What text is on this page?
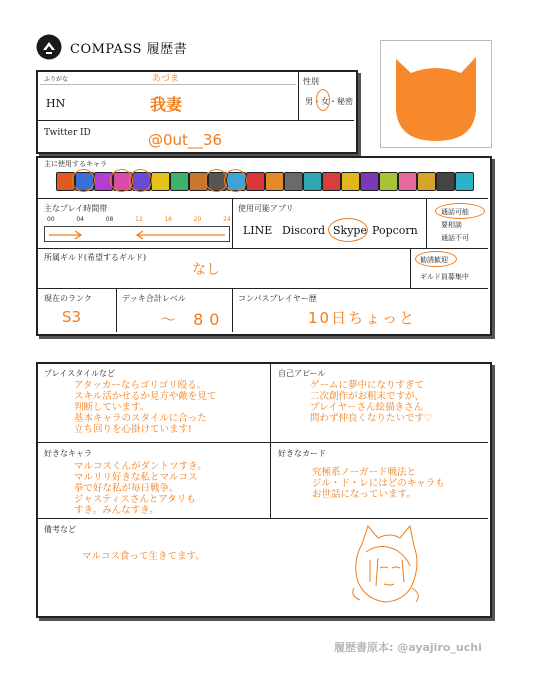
COMPASS 履歴書
ふりがな	あづま
HN	我妻
性別
男・女・秘密
Twitter ID	@0ut__36
主に使用するキャラ
主なプレイ時間帯
00	04	08	12	16	20	24
使用可能アプリ
LINE Discord Skype Popcorn
通話可能
要相談
通話不可
所属ギルド(希望するギルド)
なし
勧誘歓迎
ギルド員募集中
現在のランク
S3
デッキ合計レベル
〜 80
コンパスプレイヤー歴
10日ちょっと
プレイスタイルなど
アタッカーならゴリゴリ殴る。
スキル活かせるか見方や敵を見て
判断しています。
基本キャラのスタイルに合った
立ち回りを心掛けています!
自己アピール
ゲームに夢中になりすぎて
二次創作がお粗末ですが、
プレイヤーさん絵描きさん
問わず仲良くなりたいです♡
好きなキャラ
マルコスくんがダントツすき。
マルリリ好きな私とマルコス
拳で好な私が毎日戦争。
ジャスティスさんとアタリも
すき。みんなすき。
好きなカード
究極系ノーガード戦法と
ジル・ド・レにはどのキャラも
お世話になっています。
備考など
マルコス食って生きてます。
履歴書原本: @ayajiro_uchi
